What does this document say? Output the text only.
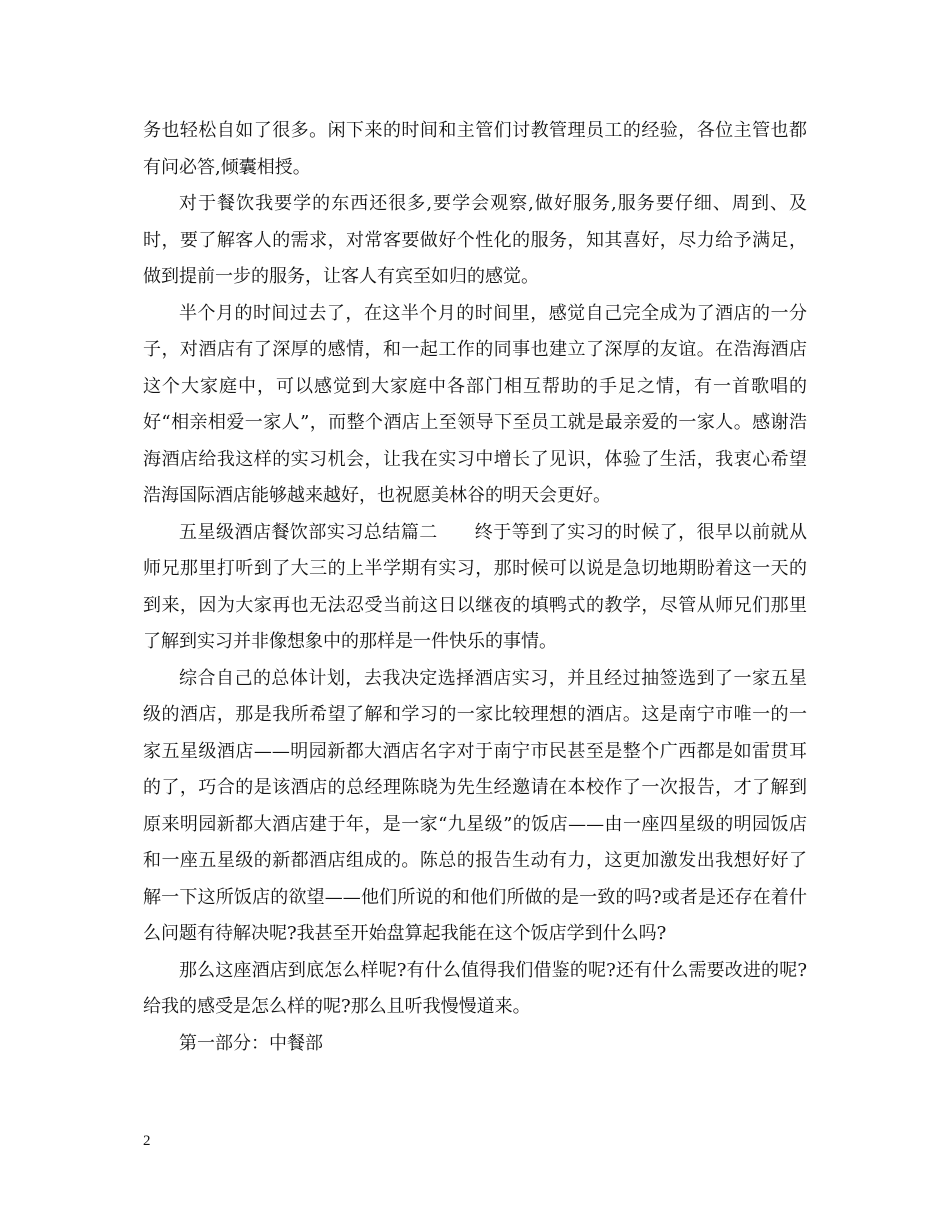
务也轻松自如了很多。闲下来的时间和主管们讨教管理员工的经验，各位主管也都有问必答,倾囊相授。

对于餐饮我要学的东西还很多,要学会观察,做好服务,服务要仔细、周到、及时，要了解客人的需求，对常客要做好个性化的服务，知其喜好，尽力给予满足，做到提前一步的服务，让客人有宾至如归的感觉。

半个月的时间过去了，在这半个月的时间里，感觉自己完全成为了酒店的一分子，对酒店有了深厚的感情，和一起工作的同事也建立了深厚的友谊。在浩海酒店这个大家庭中，可以感觉到大家庭中各部门相互帮助的手足之情，有一首歌唱的好“相亲相爱一家人”，而整个酒店上至领导下至员工就是最亲爱的一家人。感谢浩海酒店给我这样的实习机会，让我在实习中增长了见识，体验了生活，我衷心希望浩海国际酒店能够越来越好，也祝愿美林谷的明天会更好。

五星级酒店餐饮部实习总结篇二　　终于等到了实习的时候了，很早以前就从师兄那里打听到了大三的上半学期有实习，那时候可以说是急切地期盼着这一天的到来，因为大家再也无法忍受当前这日以继夜的填鸭式的教学，尽管从师兄们那里了解到实习并非像想象中的那样是一件快乐的事情。

综合自己的总体计划，去我决定选择酒店实习，并且经过抽签选到了一家五星级的酒店，那是我所希望了解和学习的一家比较理想的酒店。这是南宁市唯一的一家五星级酒店——明园新都大酒店名字对于南宁市民甚至是整个广西都是如雷贯耳的了，巧合的是该酒店的总经理陈晓为先生经邀请在本校作了一次报告，才了解到原来明园新都大酒店建于年，是一家“九星级”的饭店——由一座四星级的明园饭店和一座五星级的新都酒店组成的。陈总的报告生动有力，这更加激发出我想好好了解一下这所饭店的欲望——他们所说的和他们所做的是一致的吗?或者是还存在着什么问题有待解决呢?我甚至开始盘算起我能在这个饭店学到什么吗?

那么这座酒店到底怎么样呢?有什么值得我们借鉴的呢?还有什么需要改进的呢?给我的感受是怎么样的呢?那么且听我慢慢道来。

第一部分：中餐部

2
